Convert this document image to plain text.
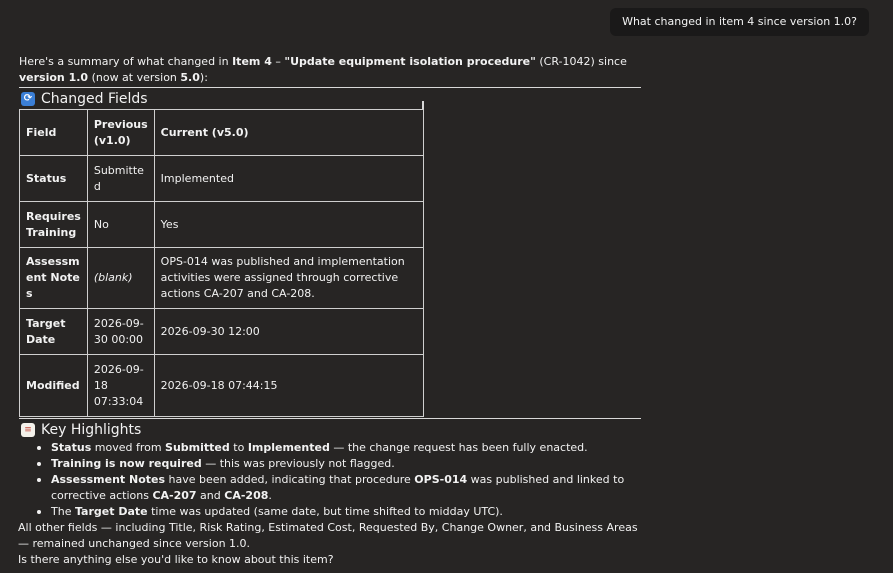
What changed in item 4 since version 1.0?

Here's a summary of what changed in Item 4 – "Update equipment isolation procedure" (CR-1042) since version 1.0 (now at version 5.0):

⟳ Changed Fields
Field	Previous (v1.0)	Current (v5.0)
Status	Submitted	Implemented
Requires Training	No	Yes
Assessment Notes	(blank)	OPS-014 was published and implementation activities were assigned through corrective actions CA-207 and CA-208.
Target Date	2026-09-30 00:00	2026-09-30 12:00
Modified	2026-09-18 07:33:04	2026-09-18 07:44:15
≡ Key Highlights
Status moved from Submitted to Implemented — the change request has been fully enacted.
Training is now required — this was previously not flagged.
Assessment Notes have been added, indicating that procedure OPS-014 was published and linked to corrective actions CA-207 and CA-208.
The Target Date time was updated (same date, but time shifted to midday UTC).

All other fields — including Title, Risk Rating, Estimated Cost, Requested By, Change Owner, and Business Areas — remained unchanged since version 1.0.

Is there anything else you'd like to know about this item?
